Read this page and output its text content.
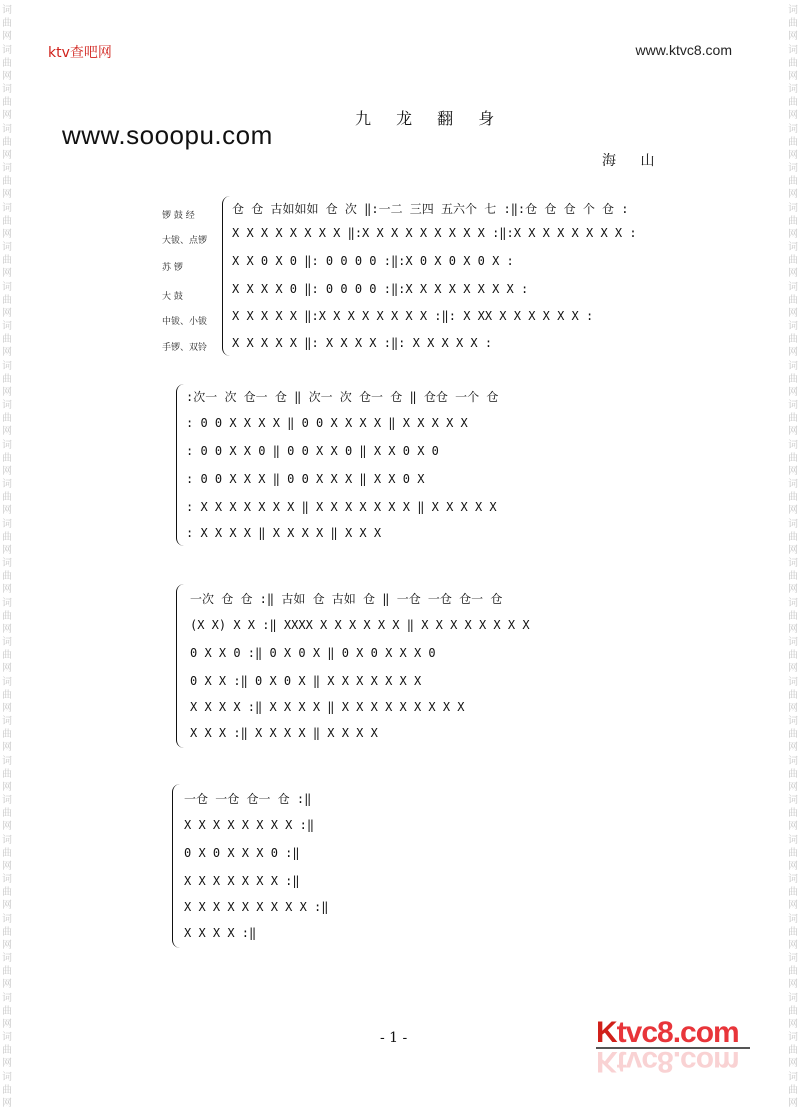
词
曲
网
词
曲
网
词
曲
网
词
曲
网
词
曲
网
词
曲
网
词
曲
网
词
曲
网
词
曲
网
词
曲
网
词
曲
网
词
曲
网
词
曲
网
词
曲
网
词
曲
网
词
曲
网
词
曲
网
词
曲
网
词
曲
网
词
曲
网
词
曲
网
词
曲
网
词
曲
网
词
曲
网
词
曲
网
词
曲
网
词
曲
网
词
曲
网
词
曲
网
词
曲
网
词
曲
网
词
曲
网
词
曲
网
词
曲
网
词
曲
网
词
曲
网
词
曲
网
词
曲
网
词
曲
网
词
曲
网
词
曲
网
词
曲
网
词
曲
网
词
曲
网
词
曲
网
词
曲
网
词
曲
网
词
曲
网
词
曲
网
词
曲
网
词
曲
网
词
曲
网
词
曲
网
词
曲
网
词
曲
网
词
曲
网
ktv查吧网	www.ktvc8.com
www.sooopu.com
九 龙 翻 身
海 山
锣 鼓 经
大钹、点锣
苏 锣
大 鼓
中钹、小钹
手锣、双铃
仓 仓 古如如如 仓 次 ‖:一二 三四 五六个 七 :‖:仓 仓 仓 个 仓 :
X X X X X X X X ‖:X X X X X X X X X :‖:X X X X X X X X :
X X 0 X 0 ‖: 0 0 0 0 :‖:X 0 X 0 X 0 X :
X X X X 0 ‖: 0 0 0 0 :‖:X X X X X X X X :
X X X X X ‖:X X X X X X X X :‖: X XX X X X X X X :
X X X X X ‖: X X X X :‖: X X X X X :
:次一 次 仓一 仓 ‖ 次一 次 仓一 仓 ‖ 仓仓 一个 仓
: 0 0 X X X X ‖ 0 0 X X X X ‖ X X X X X
: 0 0 X X 0 ‖ 0 0 X X 0 ‖ X X 0 X 0
: 0 0 X X X ‖ 0 0 X X X ‖ X X 0 X
: X X X X X X X ‖ X X X X X X X ‖ X X X X X
: X X X X ‖ X X X X ‖ X X X
一次 仓 仓 :‖ 古如 仓 古如 仓 ‖ 一仓 一仓 仓一 仓
(X X) X X :‖ XXXX X X X X X X ‖ X X X X X X X X
0 X X 0 :‖ 0 X 0 X ‖ 0 X 0 X X X 0
0 X X :‖ 0 X 0 X ‖ X X X X X X X
X X X X :‖ X X X X ‖ X X X X X X X X X
X X X :‖ X X X X ‖ X X X X
一仓 一仓 仓一 仓 :‖
X X X X X X X X :‖
0 X 0 X X X 0 :‖
X X X X X X X :‖
X X X X X X X X X :‖
X X X X :‖
- 1 -	Ktvc8.com
Ktvc8.com
